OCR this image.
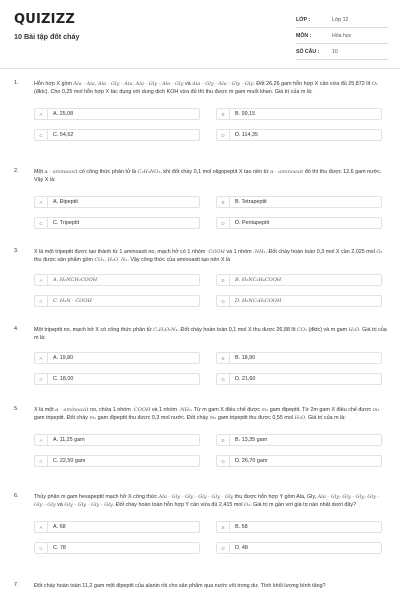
QUIZIZZ
10 Bài tập đốt cháy
LỚP :	Lớp 12
MÔN :	Hóa học
SỐ CÂU :	10
1.	Hỗn hợp X gồm Ala - Ala, Ala - Gly - Ala, Ala - Gly - Ala - Gly và Ala - Gly - Ala - Gly - Gly. Đốt 26,26 gam hỗn hợp X cần vừa đủ 25,872 lít O₂ (đktc). Cho 0,25 mol hỗn hợp X tác dụng với dung dịch KOH vừa đủ thì thu được m gam muối khan. Giá trị của m là:
A	A. 25,08	B	B. 99,15
C	C. 54,62	D	D. 114,35
2.	Một α - aminoaxit có công thức phân tử là C₂H₅NO₂, khi đốt cháy 0,1 mol oligopeptit X tạo nên từ α - aminoaxit đó thì thu được 12,6 gam nước. Vậy X là:
A	A. Đipeptit	B	B. Tetrapeptit
C	C. Tripeptit	D	D. Pentapeptit
3.	X là một tripeptit được tạo thành từ 1 aminoaxit no, mạch hở có 1 nhóm -COOH và 1 nhóm -NH₂. Đốt cháy hoàn toàn 0,3 mol X cần 2,025 mol O₂ thu được sản phẩm gồm CO₂, H₂O, N₂. Vậy công thức của aminoaxit tạo nên X là
A	A. H₂NCH₂COOH	B	B. H₂NC₂H₄COOH
C	C. H₂N - COOH	D	D. H₂NC₃H₆COOH
4.	Một tripeptit no, mạch hở X có công thức phân tử CₓHᵧO₆N₄. Đốt cháy hoàn toàn 0,1 mol X thu được 26,88 lít CO₂ (đktc) và m gam H₂O. Giá trị của m là:
A	A. 19,80	B	B. 18,90
C	C. 18,00	D	D. 21,60
5.	X là một α - aminoaxit no, chứa 1 nhóm -COOH và 1 nhóm -NH₂. Từ m gam X điều chế được m₁ gam đipeptit. Từ 2m gam X điều chế được m₂ gam tripeptit. Đốt cháy m₁ gam đipeptit thu được 0,3 mol nước. Đốt cháy m₂ gam tripeptit thu được 0,55 mol H₂O. Giá trị của m là:
A	A. 11,25 gam	B	B. 13,35 gam
C	C. 22,50 gam	D	D. 26,70 gam
6.	Thủy phân m gam hexapeptit mạch hở X công thức Ala - Gly - Gly - Gly - Gly - Gly thu được hỗn hợp Y gồm Ala, Gly, Ala - Gly; Gly - Gly; Gly - Gly - Gly và Gly - Gly - Gly - Gly. Đốt cháy hoàn toàn hỗn hợp Y cần vừa đủ 2,415 mol O₂. Giá trị m gần với giá trị nào nhất dưới đây?
A	A. 68	B	B. 58
C	C. 78	D	D. 48
7.	Đốt cháy hoàn toàn 11,2 gam một đipeptit của alanin rồi cho sản phẩm qua nước vôi trong dư. Tính khối lượng bình tăng?
